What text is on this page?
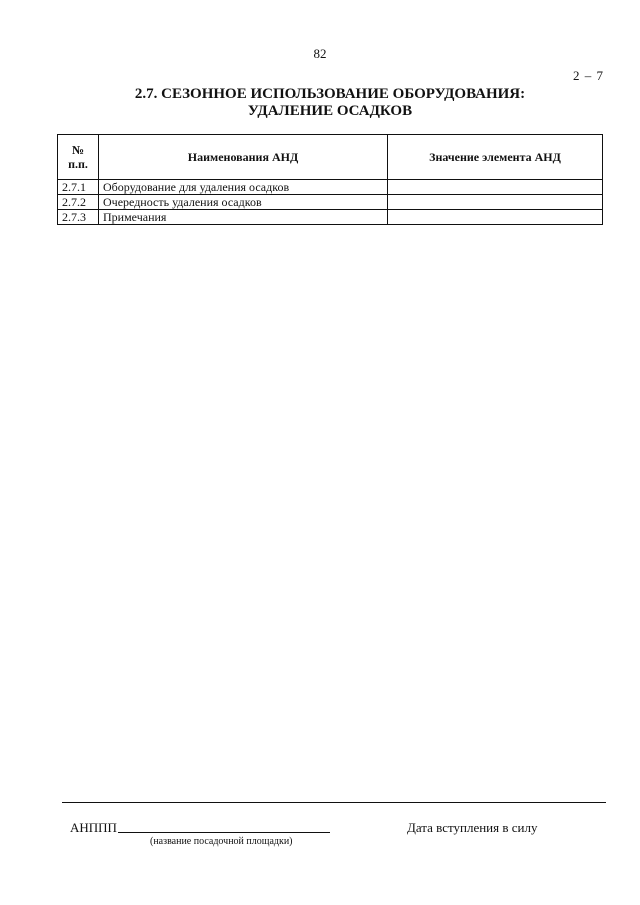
82
2 – 7
2.7. СЕЗОННОЕ ИСПОЛЬЗОВАНИЕ ОБОРУДОВАНИЯ:
УДАЛЕНИЕ ОСАДКОВ
№
п.п.	Наименования АНД	Значение элемента АНД
2.7.1	Оборудование для удаления осадков	
2.7.2	Очередность удаления осадков	
2.7.3	Примечания	
АНППП
(название посадочной площадки)
Дата вступления в силу
